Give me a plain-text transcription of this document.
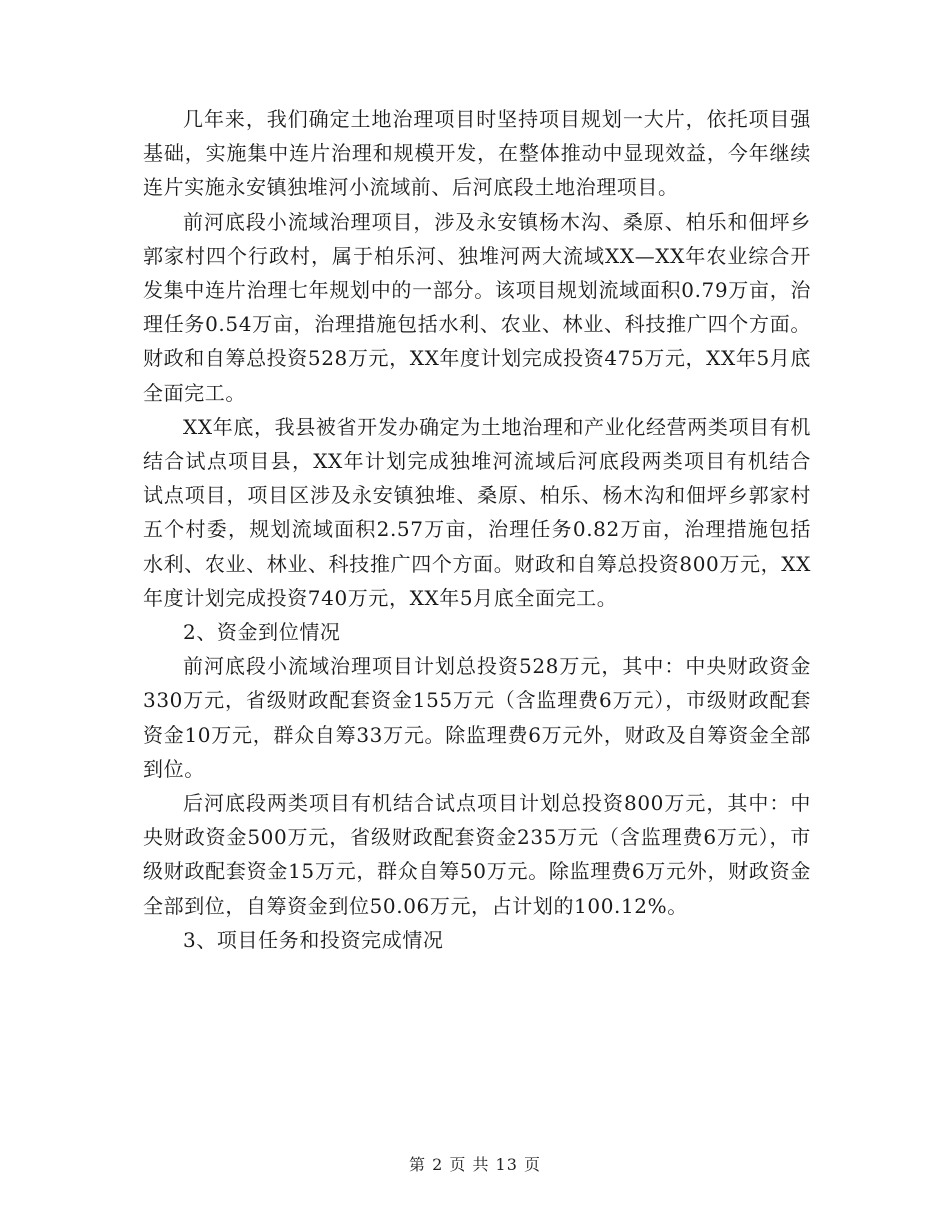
几年来，我们确定土地治理项目时坚持项目规划一大片，依托项目强基础，实施集中连片治理和规模开发，在整体推动中显现效益，今年继续连片实施永安镇独堆河小流域前、后河底段土地治理项目。

前河底段小流域治理项目，涉及永安镇杨木沟、桑原、柏乐和佃坪乡郭家村四个行政村，属于柏乐河、独堆河两大流域XX—XX年农业综合开发集中连片治理七年规划中的一部分。该项目规划流域面积0.79万亩，治理任务0.54万亩，治理措施包括水利、农业、林业、科技推广四个方面。财政和自筹总投资528万元，XX年度计划完成投资475万元，XX年5月底全面完工。

XX年底，我县被省开发办确定为土地治理和产业化经营两类项目有机结合试点项目县，XX年计划完成独堆河流域后河底段两类项目有机结合试点项目，项目区涉及永安镇独堆、桑原、柏乐、杨木沟和佃坪乡郭家村五个村委，规划流域面积2.57万亩，治理任务0.82万亩，治理措施包括水利、农业、林业、科技推广四个方面。财政和自筹总投资800万元，XX年度计划完成投资740万元，XX年5月底全面完工。

2、资金到位情况

前河底段小流域治理项目计划总投资528万元，其中：中央财政资金330万元，省级财政配套资金155万元（含监理费6万元），市级财政配套资金10万元，群众自筹33万元。除监理费6万元外，财政及自筹资金全部到位。

后河底段两类项目有机结合试点项目计划总投资800万元，其中：中央财政资金500万元，省级财政配套资金235万元（含监理费6万元），市级财政配套资金15万元，群众自筹50万元。除监理费6万元外，财政资金全部到位，自筹资金到位50.06万元，占计划的100.12%。

3、项目任务和投资完成情况

第 2 页 共 13 页
